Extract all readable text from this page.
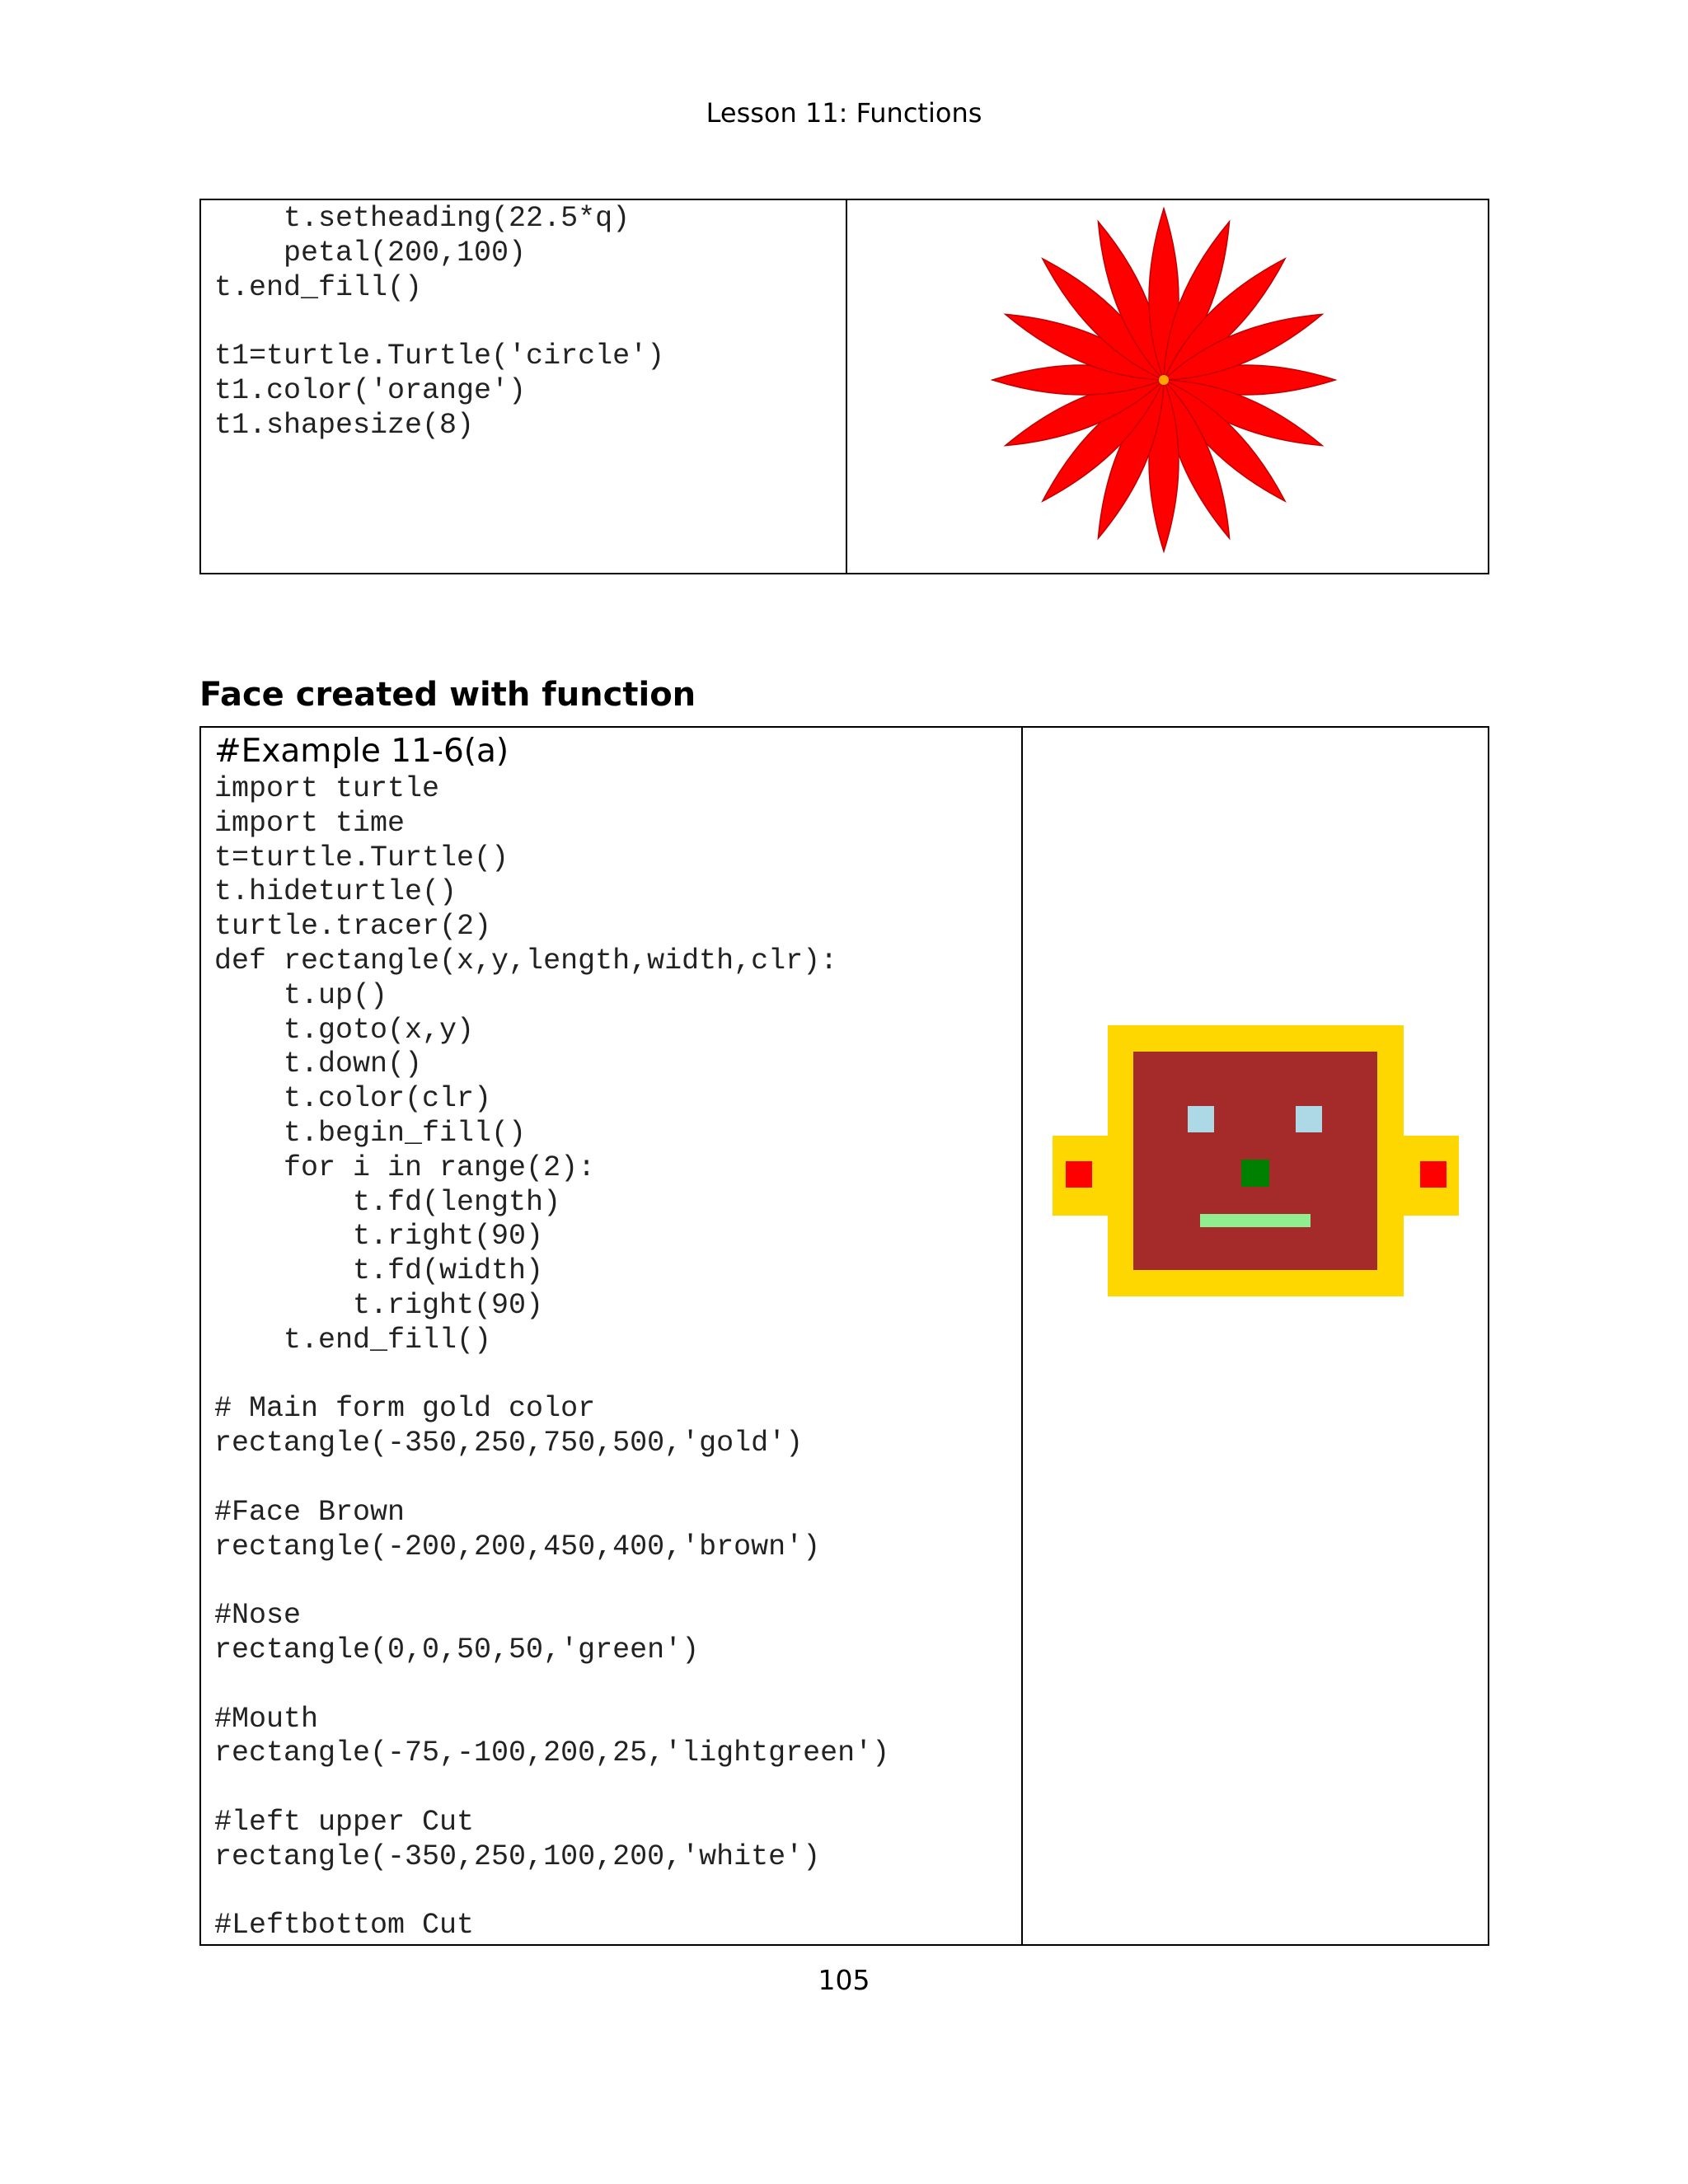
Lesson 11: Functions
t.setheading(22.5*q)
petal(200,100)
t.end_fill()

t1=turtle.Turtle('circle')
t1.color('orange')
t1.shapesize(8)

Face created with function
#Example 11-6(a)
import turtle
import time
t=turtle.Turtle()
t.hideturtle()
turtle.tracer(2)
def rectangle(x,y,length,width,clr):
t.up()
t.goto(x,y)
t.down()
t.color(clr)
t.begin_fill()
for i in range(2):
t.fd(length)
t.right(90)
t.fd(width)
t.right(90)
t.end_fill()

# Main form gold color
rectangle(-350,250,750,500,'gold')

#Face Brown
rectangle(-200,200,450,400,'brown')

#Nose
rectangle(0,0,50,50,'green')

#Mouth
rectangle(-75,-100,200,25,'lightgreen')

#left upper Cut
rectangle(-350,250,100,200,'white')

#Leftbottom Cut

105
